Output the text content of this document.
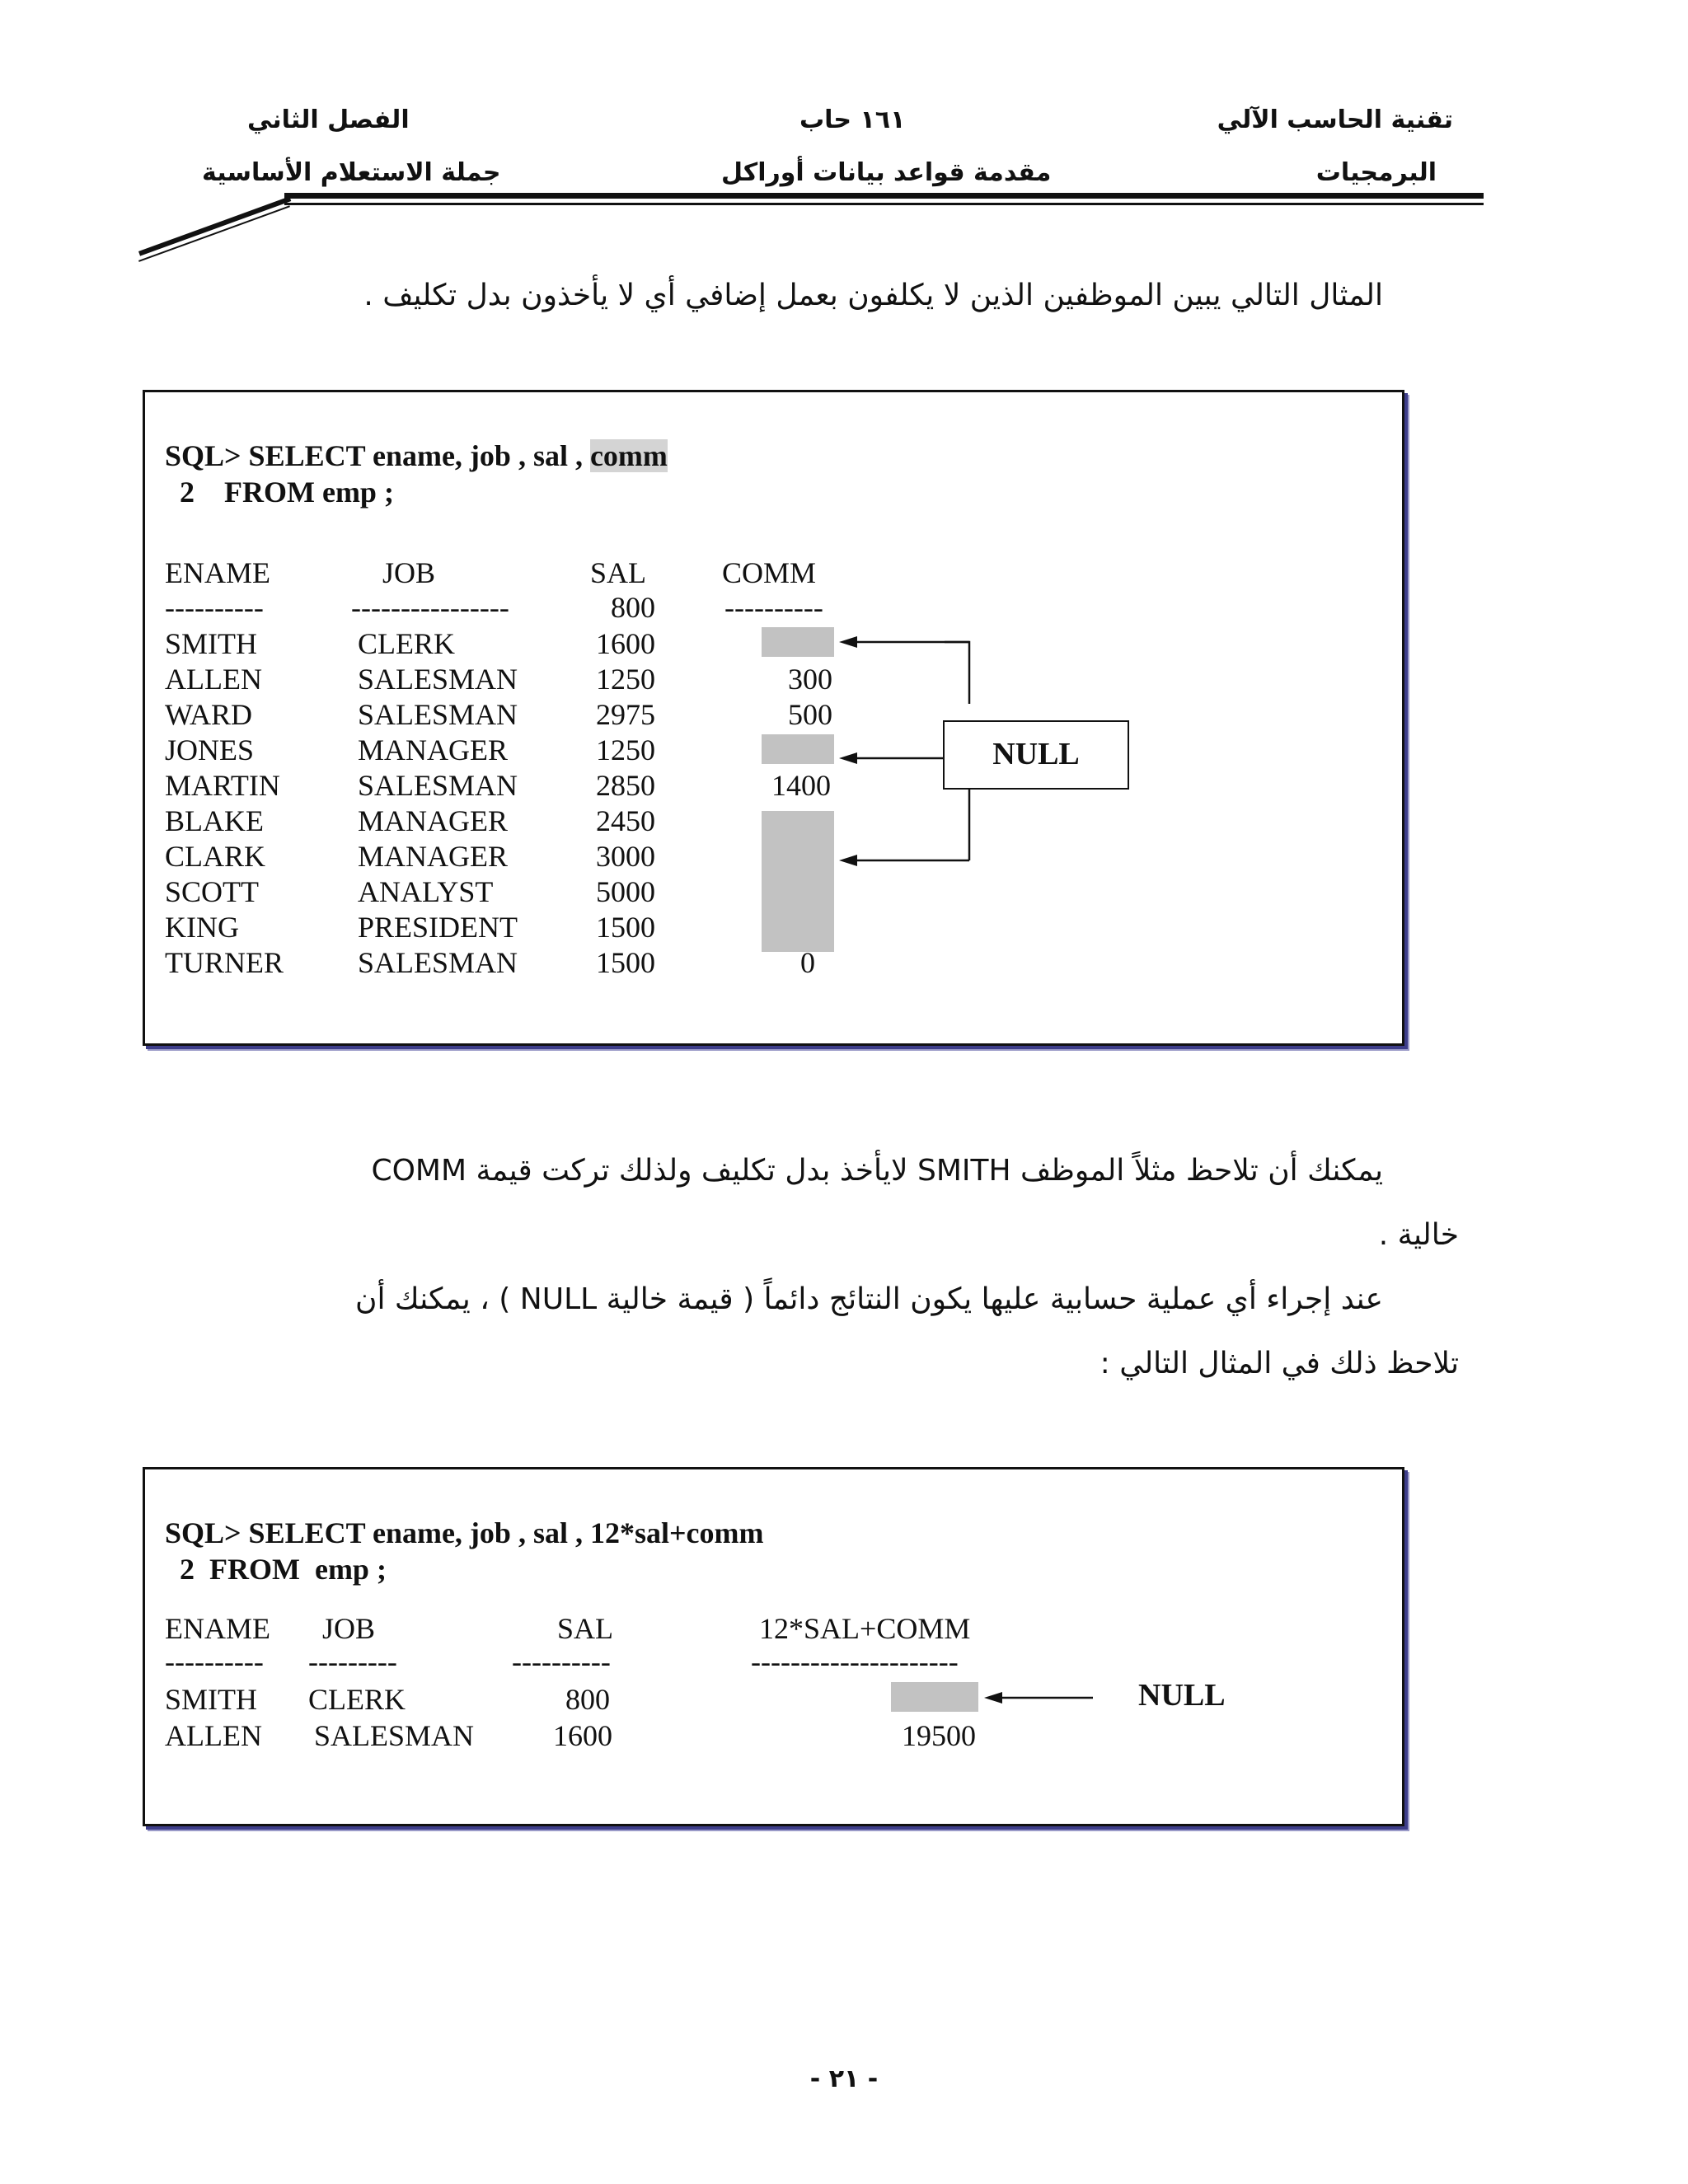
تقنية الحاسب الآلي
البرمجيات
١٦١ حاب
مقدمة قواعد بيانات أوراكل
الفصل الثاني
جملة الاستعلام الأساسية
المثال التالي يبين الموظفين الذين لا يكلفون بعمل إضافي أي لا يأخذون بدل تكليف .
SQL> SELECT ename, job , sal , comm
2    FROM emp ;
ENAME	JOB	SAL	COMM
----------	----------------	800 ----------
SMITH	CLERK	1600
ALLEN	SALESMAN	1250	300
WARD	SALESMAN	2975	500
JONES	MANAGER	1250
MARTIN	SALESMAN	2850	1400
BLAKE	MANAGER	2450
CLARK	MANAGER	3000
SCOTT	ANALYST	5000
KING	PRESIDENT	1500
TURNER	SALESMAN	1500	0
NULL
يمكنك أن تلاحظ مثلاً الموظف SMITH لايأخذ بدل تكليف ولذلك تركت قيمة COMM
خالية .
عند إجراء أي عملية حسابية عليها يكون النتائج دائماً ( قيمة خالية NULL ) ، يمكنك أن
تلاحظ ذلك في المثال التالي :
SQL> SELECT ename, job , sal , 12*sal+comm
2  FROM  emp ;
ENAME JOB	SAL	12*SAL+COMM
---------- ---------	----------	---------------------
SMITH CLERK	800
ALLEN SALESMAN	1600	19500
NULL
- ٢١ -
